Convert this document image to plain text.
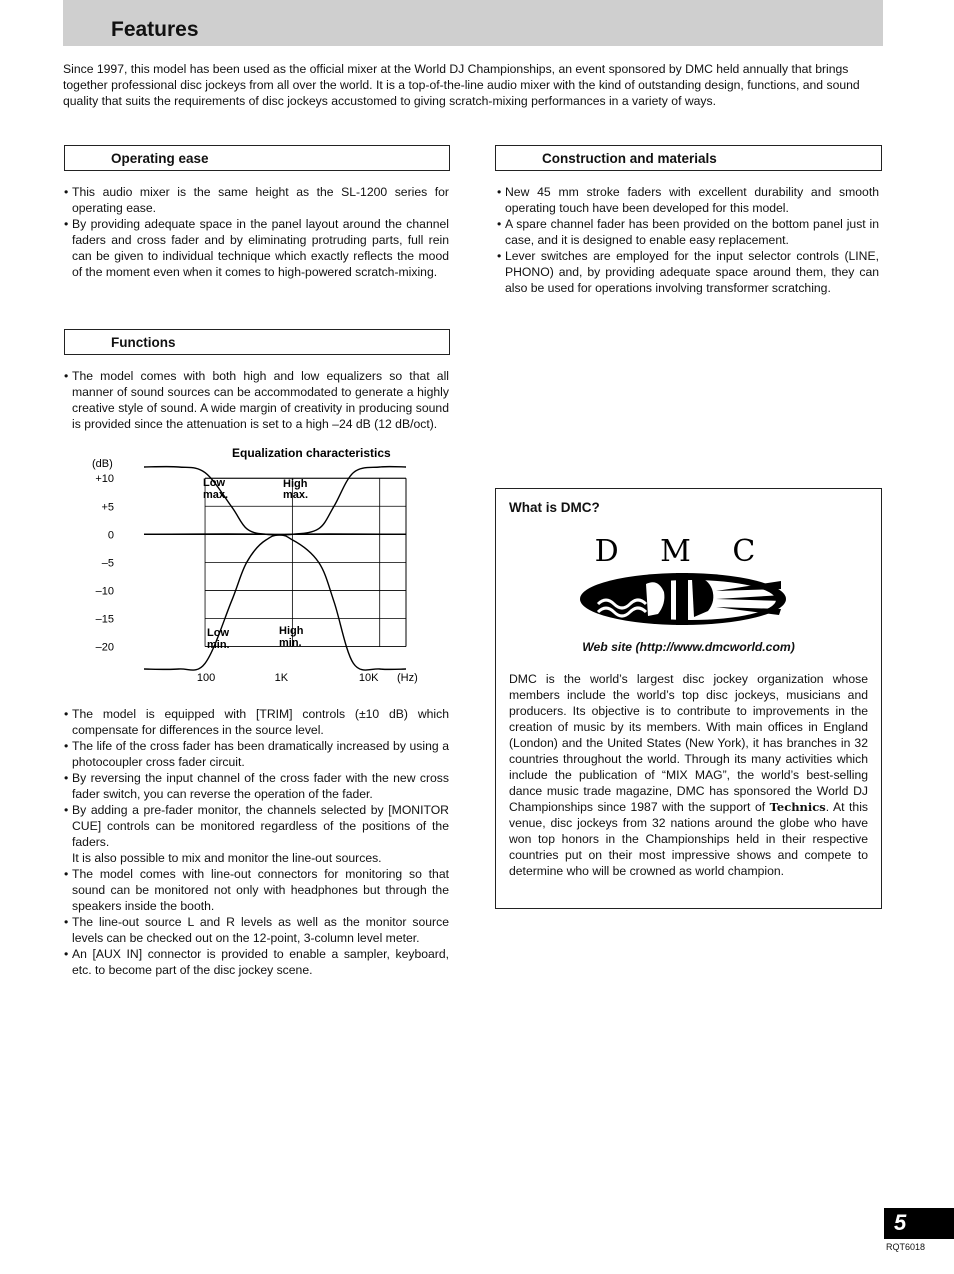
Features

Since 1997, this model has been used as the official mixer at the World DJ Championships, an event sponsored by DMC held annually that brings together professional disc jockeys from all over the world. It is a top-of-the-line audio mixer with the kind of outstanding design, functions, and sound quality that suits the requirements of disc jockeys accustomed to giving scratch-mixing performances in a variety of ways.

Operating ease
• This audio mixer is the same height as the SL-1200 series for operating ease.
• By providing adequate space in the panel layout around the channel faders and cross fader and by eliminating protruding parts, full rein can be given to individual technique which exactly reflects the mood of the moment even when it comes to high-powered scratch-mixing.
Functions
• The model comes with both high and low equalizers so that all manner of sound sources can be accommodated to generate a highly creative style of sound. A wide margin of creativity in producing sound is provided since the attenuation is set to a high –24 dB (12 dB/oct).
Equalization characteristics
(dB)
(Hz)
+10
+5
0
–5
–10
–15
–20
100	1K	10K
Low
max.
High
max.
Low
min.
High
min.
• The model is equipped with [TRIM] controls (±10 dB) which compensate for differences in the source level.
• The life of the cross fader has been dramatically increased by using a photocoupler cross fader circuit.
• By reversing the input channel of the cross fader with the new cross fader switch, you can reverse the operation of the fader.
• By adding a pre-fader monitor, the channels selected by [MONITOR CUE] controls can be monitored regardless of the positions of the faders.
It is also possible to mix and monitor the line-out sources.
• The model comes with line-out connectors for monitoring so that sound can be monitored not only with headphones but through the speakers inside the booth.
• The line-out source L and R levels as well as the monitor source levels can be checked out on the 12-point, 3-column level meter.
• An [AUX IN] connector is provided to enable a sampler, keyboard, etc. to become part of the disc jockey scene.
Construction and materials
• New 45 mm stroke faders with excellent durability and smooth operating touch have been developed for this model.
• A spare channel fader has been provided on the bottom panel just in case, and it is designed to enable easy replacement.
• Lever switches are employed for the input selector controls (LINE, PHONO) and, by providing adequate space around them, they can also be used for operations involving transformer scratching.
What is DMC?
D M C
Web site (http://www.dmcworld.com)

DMC is the world’s largest disc jockey organization whose members include the world’s top disc jockeys, musicians and producers. Its objective is to contribute to improvements in the creation of music by its members. With main offices in England (London) and the United States (New York), it has branches in 32 countries throughout the world. Through its many activities which include the publication of “MIX MAG”, the world’s best-selling dance music trade magazine, DMC has sponsored the World DJ Championships since 1987 with the support of Technics. At this venue, disc jockeys from 32 nations around the globe who have won top honors in the Championships held in their respective countries put on their most impressive shows and compete to determine who will be crowned as world champion.

5
RQT6018
